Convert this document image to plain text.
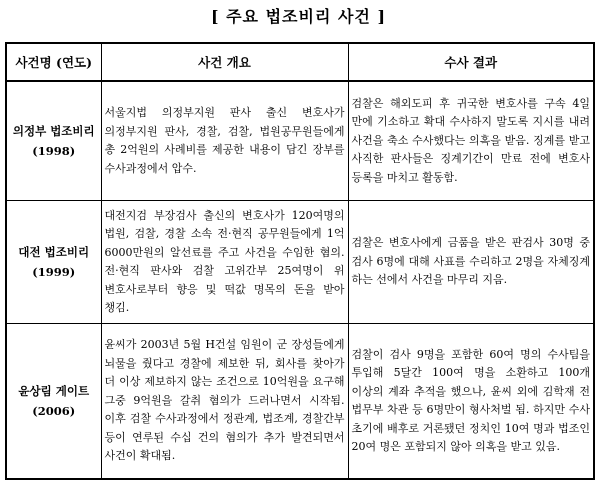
[ 주요 법조비리 사건 ]
사건명 (연도)	사건 개요	수사 결과

의정부 법조비리
(1998)	서울지법 의정부지원 판사 출신 변호사가 의정부지원 판사, 경찰, 검찰, 법원공무원들에게 총 2억원의 사례비를 제공한 내용이 담긴 장부를 수사과정에서 압수.	검찰은 해외도피 후 귀국한 변호사를 구속 4일 만에 기소하고 확대 수사하지 말도록 지시를 내려 사건을 축소 수사했다는 의혹을 받음. 징계를 받고 사직한 판사들은 징계기간이 만료 전에 변호사 등록을 마치고 활동함.

대전 법조비리
(1999)	대전지검 부장검사 출신의 변호사가 120여명의 법원, 검찰, 경찰 소속 전·현직 공무원들에게 1억 6000만원의 알선료를 주고 사건을 수임한 혐의. 전·현직 판사와 검찰 고위간부 25여명이 위 변호사로부터 향응 및 떡값 명목의 돈을 받아 챙김.	검찰은 변호사에게 금품을 받은 판검사 30명 중 검사 6명에 대해 사표를 수리하고 2명을 자체징계 하는 선에서 사건을 마무리 지음.

윤상림 게이트
(2006)	윤씨가 2003년 5월 H건설 임원이 군 장성들에게 뇌물을 줬다고 경찰에 제보한 뒤, 회사를 찾아가 더 이상 제보하지 않는 조건으로 10억원을 요구해 그중 9억원을 갈취 혐의가 드러나면서 시작됨. 이후 검찰 수사과정에서 정관계, 법조계, 경찰간부 등이 연루된 수십 건의 혐의가 추가 발견되면서 사건이 확대됨.	검찰이 검사 9명을 포함한 60여 명의 수사팀을 투입해 5달간 100여 명을 소환하고 100개 이상의 계좌 추적을 했으나, 윤씨 외에 김학재 전 법무부 차관 등 6명만이 형사처벌 됨. 하지만 수사 초기에 배후로 거론됐던 정치인 10여 명과 법조인 20여 명은 포함되지 않아 의혹을 받고 있음.
